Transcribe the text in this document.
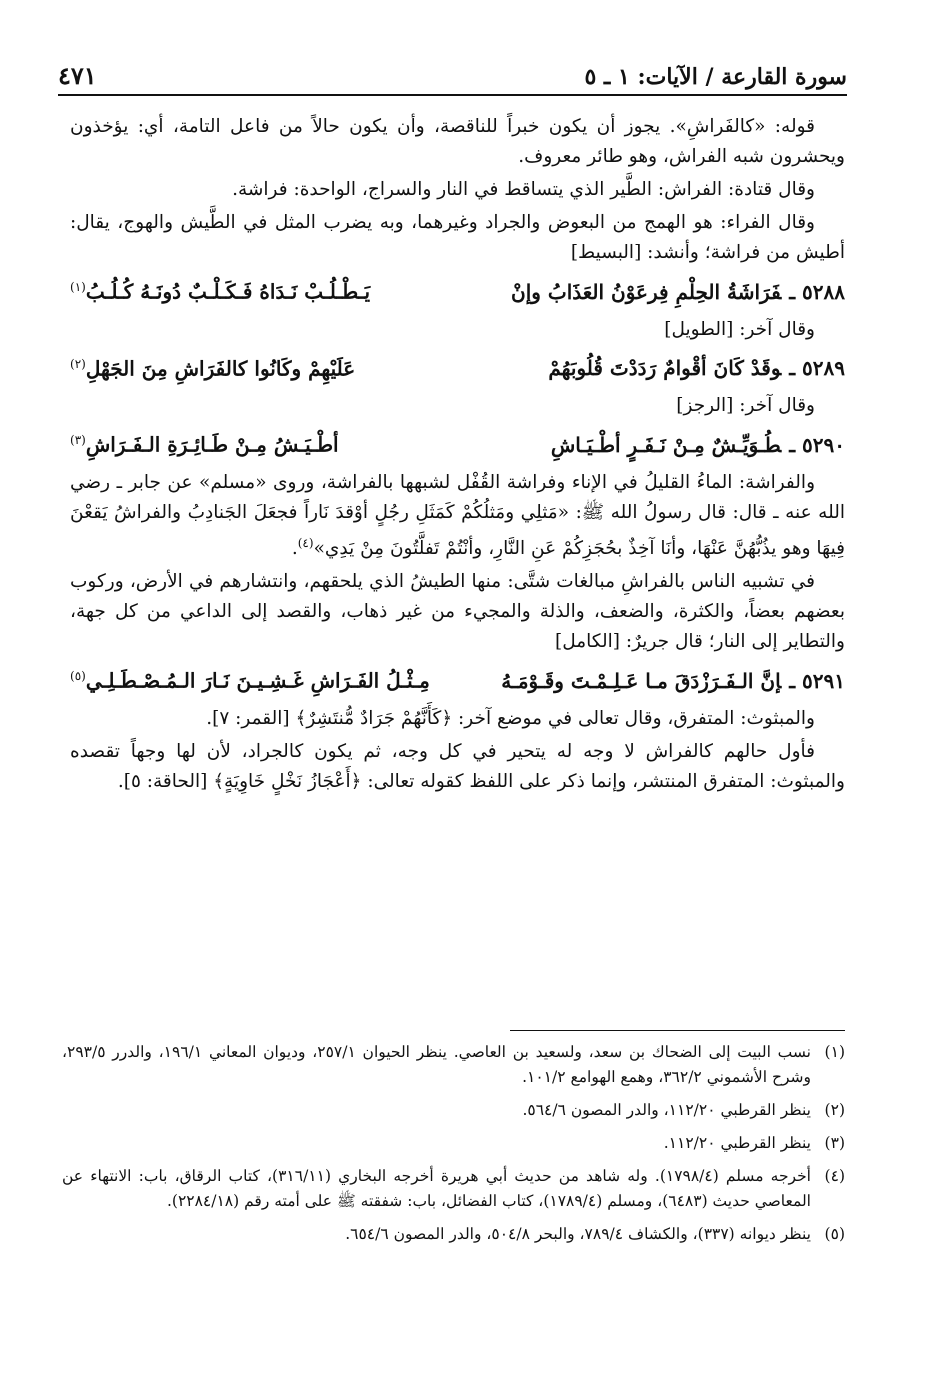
سورة القارعة / الآيات: ١ ـ ٥
٤٧١

قوله: «كالفَراشِ». يجوز أن يكون خبراً للناقصة، وأن يكون حالاً من فاعل التامة، أي: يؤخذون ويحشرون شبه الفراش، وهو طائر معروف.

وقال قتادة: الفراش: الطَّير الذي يتساقط في النار والسراج، الواحدة: فراشة.

وقال الفراء: هو الهمج من البعوض والجراد وغيرهما، وبه يضرب المثل في الطَّيش والهوج، يقال: أطيش من فراشة؛ وأنشد: [البسيط]

٥٢٨٨ ـفَرَاشَةُ الحِلْمِ فِرعَوْنُ العَذَابُ وإنْ
يَـطْـلُـبْ نَـدَاهُ فَـكَـلْـبٌ دُونَـهُ كُـلُـبُ$^{(١)}$

وقال آخر: [الطويل]

٥٢٨٩ ـوقَدْ كَانَ أقْوامٌ رَدَدْتَ قُلُوبَهُمْ
عَلَيْهِمْ وكَانُوا كالفَرَاشِ مِنَ الجَهْلِ$^{(٢)}$

وقال آخر: [الرجز]

٥٢٩٠ ـطُـوَيِّـشٌ مِـنْ نَـفَـرٍ أطْـيَـاشِ
أطْـيَـشُ مِـنْ طَـائِـرَةِ الـفَـرَاشِ$^{(٣)}$

والفراشة: الماءُ القليلُ في الإناء وفراشة القُفْل لشبهها بالفراشة، وروى «مسلم» عن جابر ـ رضي الله عنه ـ قال: قال رسولُ الله ﷺ: «مَثلِي ومَثلُكُمْ كَمَثَلِ رجُلٍ أوْقدَ نَاراً فجعَلَ الجَنادِبُ والفراشُ يَقعْنَ فِيهَا وهو يذُبُّهُنَّ عَنْهَا، وأنَا آخِذٌ بحُجَزِكُمْ عَنِ النَّارِ، وأنْتُمْ تَفلَّتُونَ مِنْ يَدِي»$^{(٤)}$.

في تشبيه الناس بالفراشِ مبالغات شتَّى: منها الطيشُ الذي يلحقهم، وانتشارهم في الأرض، وركوب بعضهم بعضاً، والكثرة، والضعف، والذلة والمجيء من غير ذهاب، والقصد إلى الداعي من كل جهة، والتطاير إلى النار؛ قال جريرٌ: [الكامل]

٥٢٩١ ـإنَّ الـفَـرَزْدَقَ مـا عَـلِـمْـتَ وقَـوْمَـهُ
مِـثْـلُ الفَـرَاشِ غَـشِـيـنَ نَـارَ الـمُـصْـطَـلِـي$^{(٥)}$

والمبثوث: المتفرق، وقال تعالى في موضع آخر: ﴿كَأَنَّهُمْ جَرَادٌ مُّنتَشِرٌ﴾ [القمر: ٧].

فأول حالهم كالفراش لا وجه له يتحير في كل وجه، ثم يكون كالجراد، لأن لها وجهاً تقصده والمبثوث: المتفرق المنتشر، وإنما ذكر على اللفظ كقوله تعالى: ﴿أَعْجَازُ نَخْلٍ خَاوِيَةٍ﴾ [الحاقة: ٥].

(١)
نسب البيت إلى الضحاك بن سعد، ولسعيد بن العاصي. ينظر الحيوان ٢٥٧/١، وديوان المعاني ١٩٦/١، والدرر ٢٩٣/٥، وشرح الأشموني ٣٦٢/٢، وهمع الهوامع ١٠١/٢.
(٢)
ينظر القرطبي ١١٢/٢٠، والدر المصون ٥٦٤/٦.
(٣)
ينظر القرطبي ١١٢/٢٠.
(٤)
أخرجه مسلم (١٧٩٨/٤). وله شاهد من حديث أبي هريرة أخرجه البخاري (٣١٦/١١)، كتاب الرقاق، باب: الانتهاء عن المعاصي حديث (٦٤٨٣)، ومسلم (١٧٨٩/٤)، كتاب الفضائل، باب: شفقته ﷺ على أمته رقم (٢٢٨٤/١٨).
(٥)
ينظر ديوانه (٣٣٧)، والكشاف ٧٨٩/٤، والبحر ٥٠٤/٨، والدر المصون ٦٥٤/٦.
